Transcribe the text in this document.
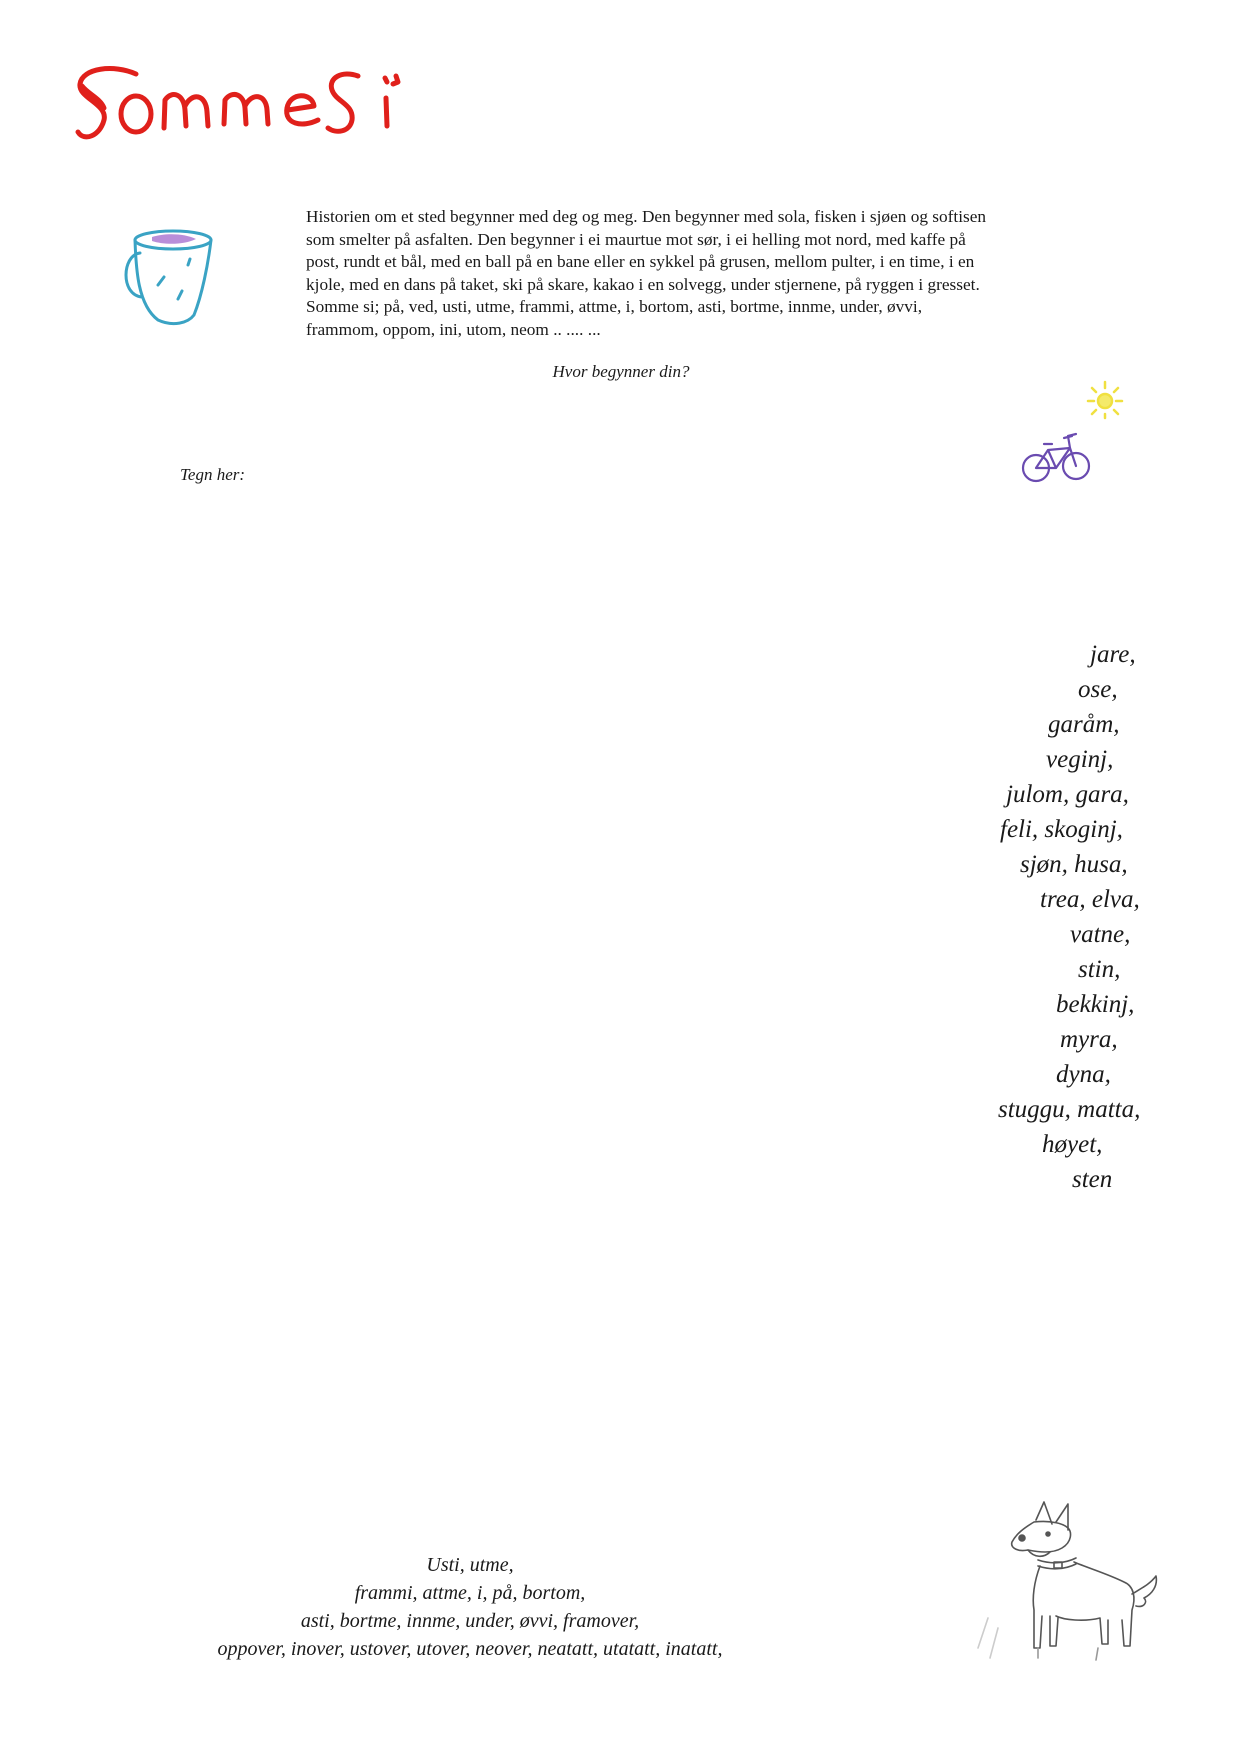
Historien om et sted begynner med deg og meg. Den begynner med sola, fisken i sjøen og softisen som smelter på asfalten. Den begynner i ei maurtue mot sør, i ei helling mot nord, med kaffe på post, rundt et bål, med en ball på en bane eller en sykkel på grusen, mellom pulter, i en time, i en kjole, med en dans på taket, ski på skare, kakao i en solvegg, under stjernene, på ryggen i gresset. Somme si; på, ved, usti, utme, frammi, attme, i, bortom, asti, bortme, innme, under, øvvi, frammom, oppom, ini, utom, neom .. .... ...

Hvor begynner din?

Tegn her:

jare,
ose,
garåm,
veginj,
julom, gara,
feli, skoginj,
sjøn, husa,
trea, elva,
vatne,
stin,
bekkinj,
myra,
dyna,
stuggu, matta,
høyet,
sten
Usti, utme,
frammi, attme, i, på, bortom,
asti, bortme, innme, under, øvvi, framover,
oppover, inover, ustover, utover, neover, neatatt, utatatt, inatatt,
